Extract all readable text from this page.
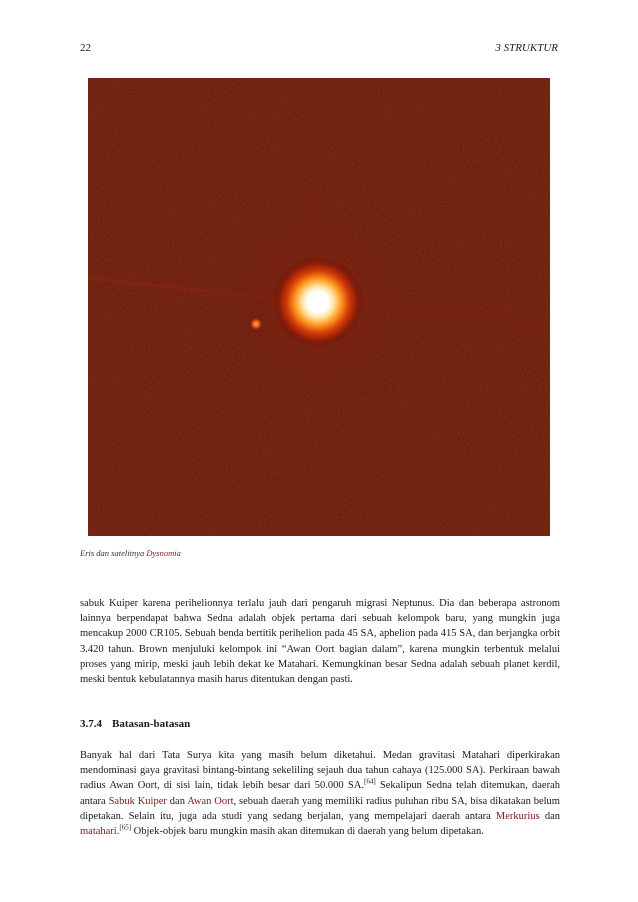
22	3 STRUKTUR
Eris dan satelitnya Dysnomia

sabuk Kuiper karena perihelionnya terlalu jauh dari pengaruh migrasi Neptunus. Dia dan beberapa astronom lainnya berpendapat bahwa Sedna adalah objek pertama dari sebuah kelompok baru, yang mungkin juga mencakup 2000 CR105. Sebuah benda bertitik perihelion pada 45 SA, aphelion pada 415 SA, dan berjangka orbit 3.420 tahun. Brown menjuluki kelompok ini “Awan Oort bagian dalam”, karena mungkin terbentuk melalui proses yang mirip, meski jauh lebih dekat ke Matahari. Kemungkinan besar Sedna adalah sebuah planet kerdil, meski bentuk kebulatannya masih harus ditentukan dengan pasti.

3.7.4 Batasan-batasan

Banyak hal dari Tata Surya kita yang masih belum diketahui. Medan gravitasi Matahari diperkirakan mendominasi gaya gravitasi bintang-bintang sekeliling sejauh dua tahun cahaya (125.000 SA). Perkiraan bawah radius Awan Oort, di sisi lain, tidak lebih besar dari 50.000 SA.[64] Sekalipun Sedna telah ditemukan, daerah antara Sabuk Kuiper dan Awan Oort, sebuah daerah yang memiliki radius puluhan ribu SA, bisa dikatakan belum dipetakan. Selain itu, juga ada studi yang sedang berjalan, yang mempelajari daerah antara Merkurius dan matahari.[65] Objek-objek baru mungkin masih akan ditemukan di daerah yang belum dipetakan.
